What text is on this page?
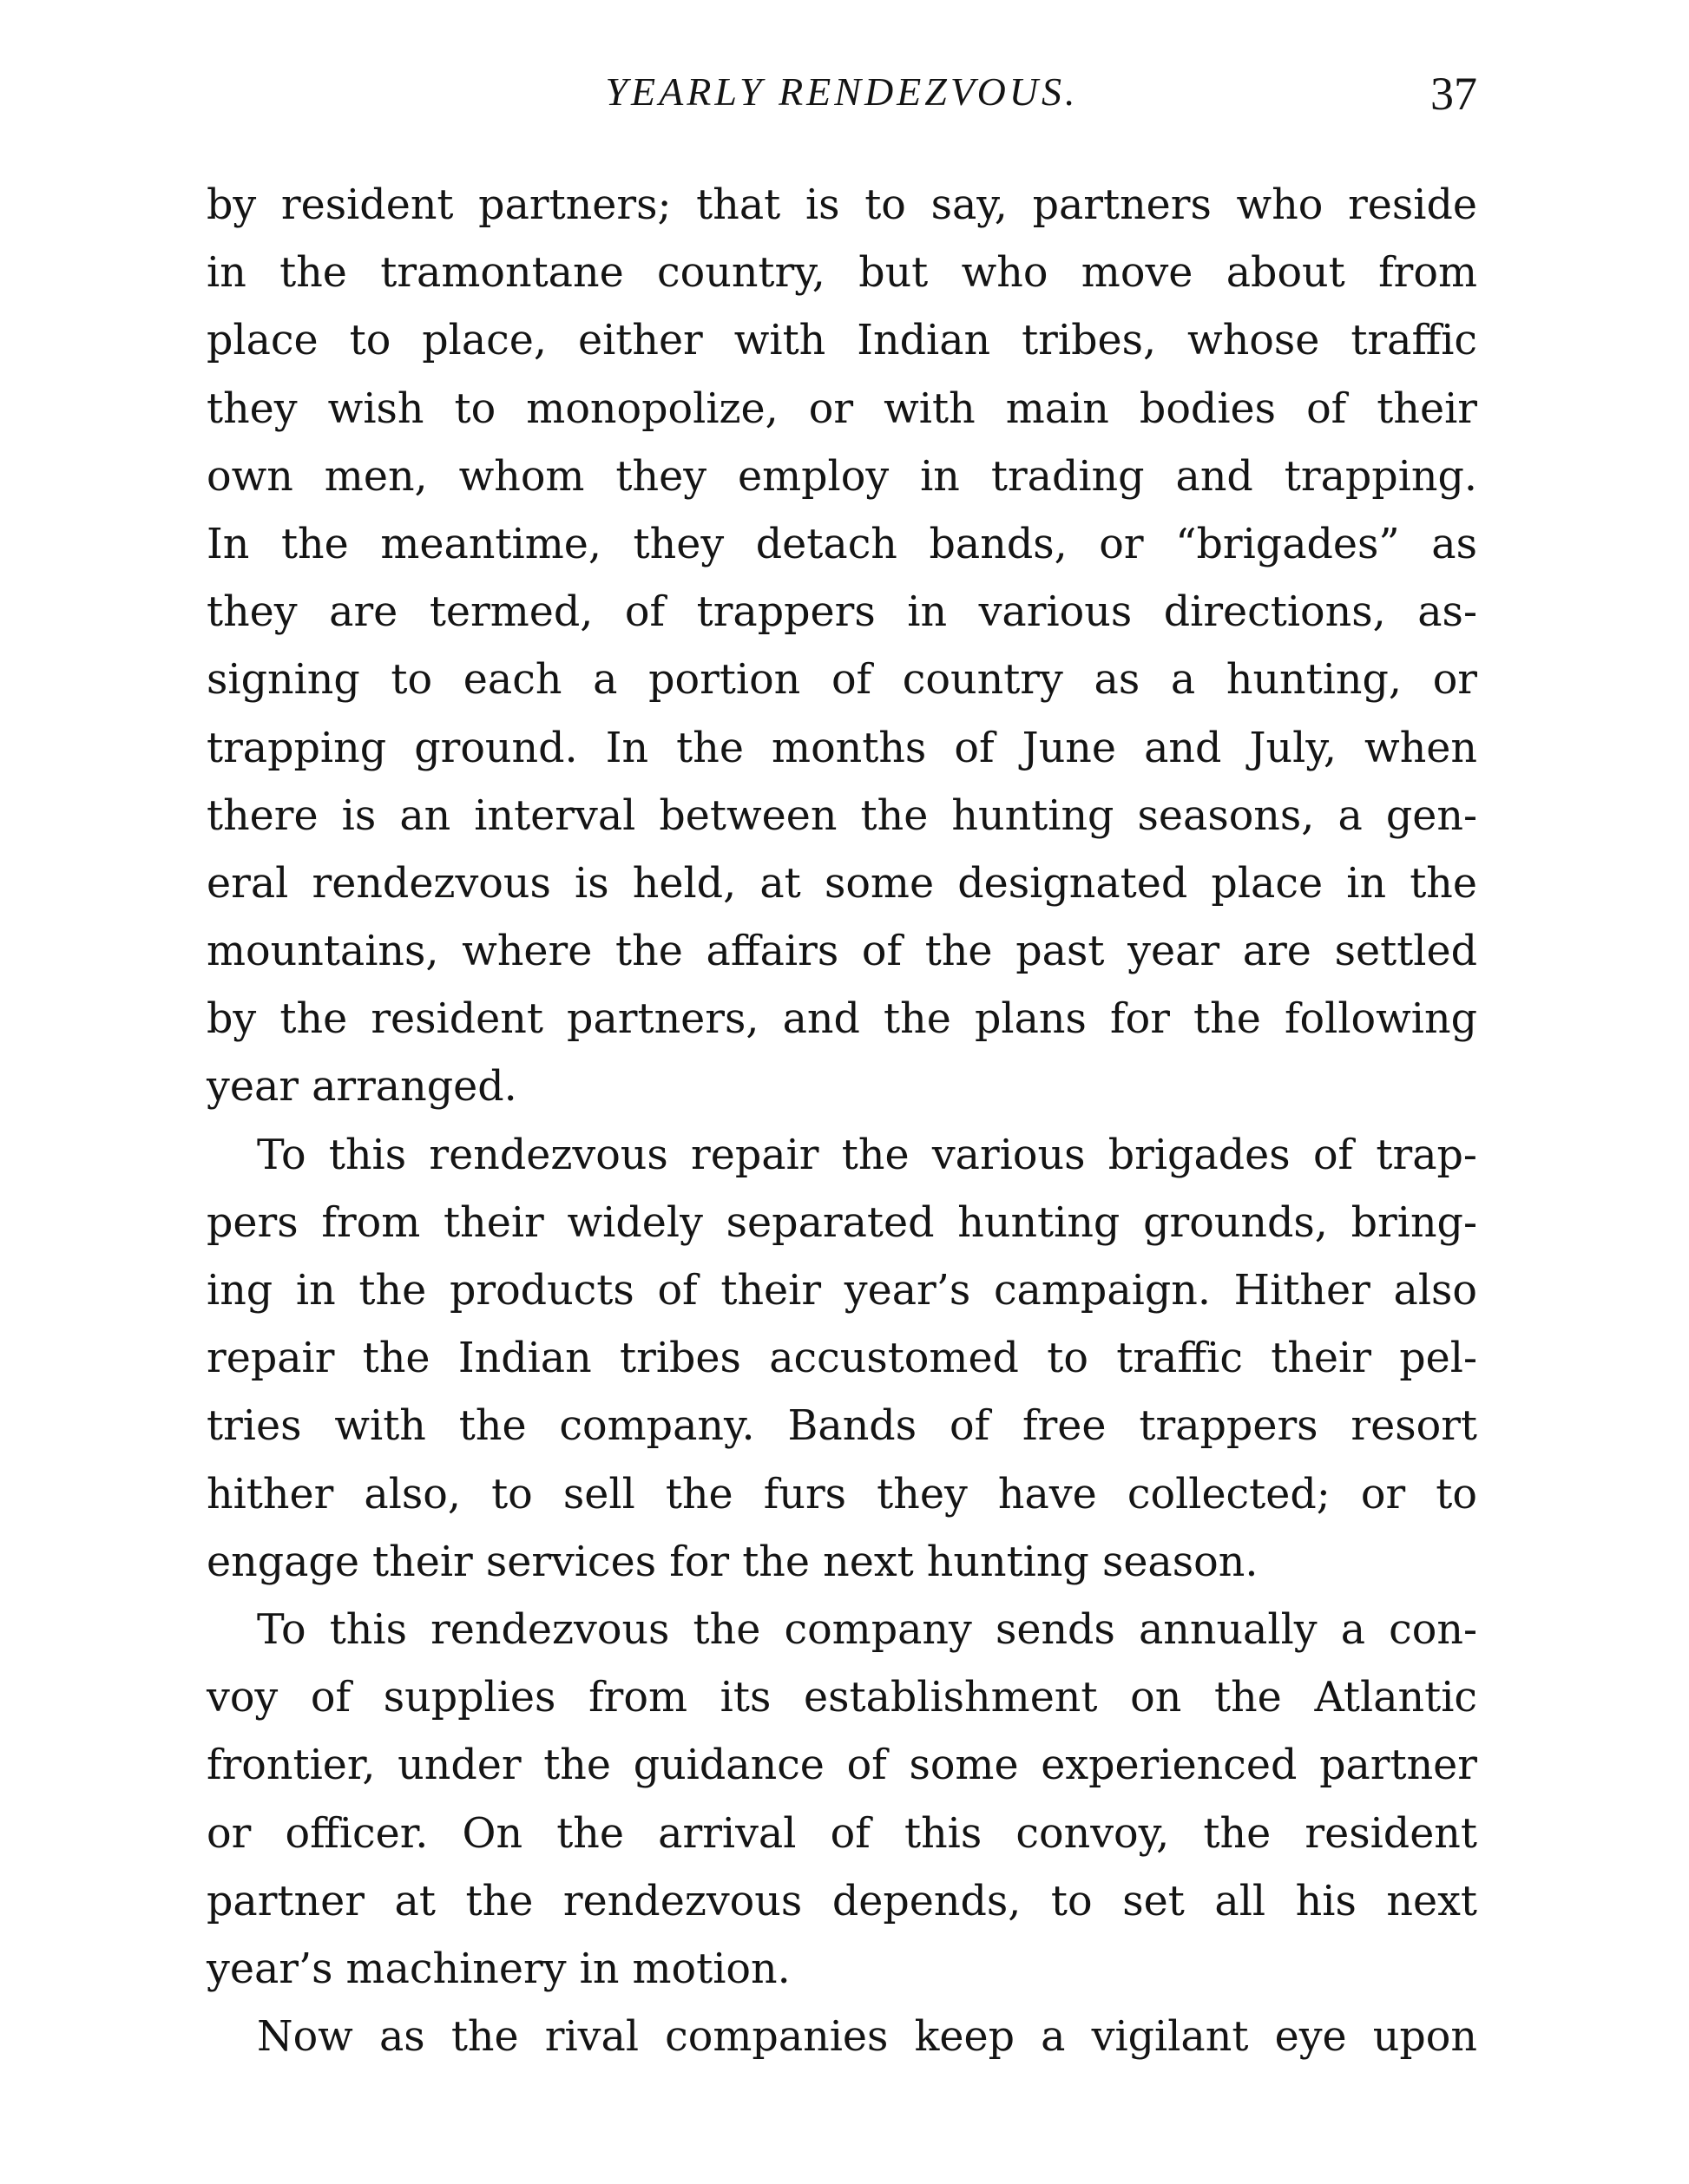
YEARLY RENDEZVOUS.	37
by resident partners; that is to say, partners who reside
in the tramontane country, but who move about from
place to place, either with Indian tribes, whose traffic
they wish to monopolize, or with main bodies of their
own men, whom they employ in trading and trapping.
In the meantime, they detach bands, or “brigades” as
they are termed, of trappers in various directions, as-
signing to each a portion of country as a hunting, or
trapping ground. In the months of June and July, when
there is an interval between the hunting seasons, a gen-
eral rendezvous is held, at some designated place in the
mountains, where the affairs of the past year are settled
by the resident partners, and the plans for the following
year arranged.
To this rendezvous repair the various brigades of trap-
pers from their widely separated hunting grounds, bring-
ing in the products of their year’s campaign. Hither also
repair the Indian tribes accustomed to traffic their pel-
tries with the company. Bands of free trappers resort
hither also, to sell the furs they have collected; or to
engage their services for the next hunting season.
To this rendezvous the company sends annually a con-
voy of supplies from its establishment on the Atlantic
frontier, under the guidance of some experienced partner
or officer. On the arrival of this convoy, the resident
partner at the rendezvous depends, to set all his next
year’s machinery in motion.
Now as the rival companies keep a vigilant eye upon
